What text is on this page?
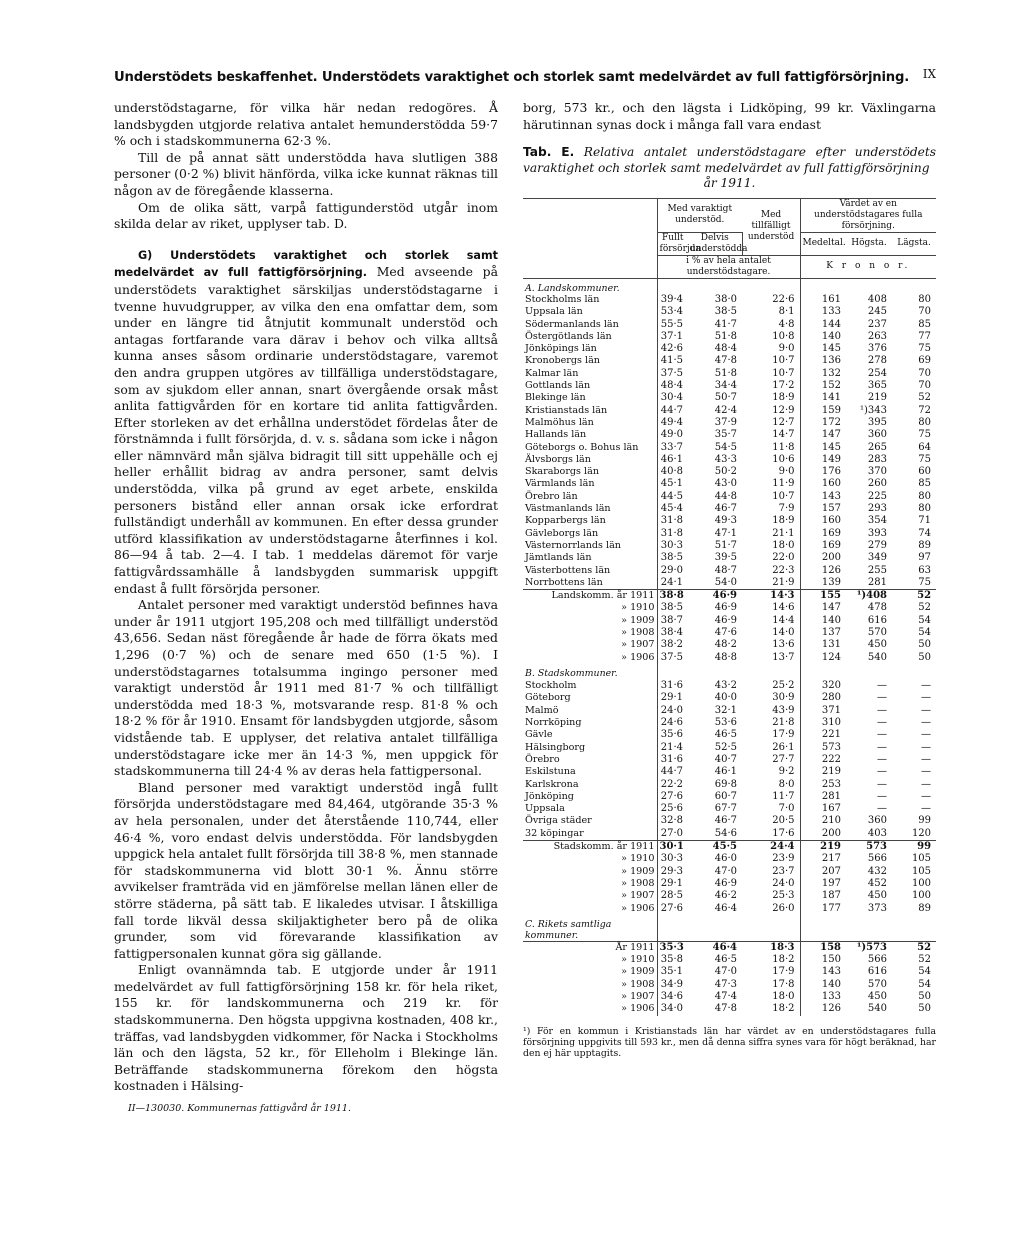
Understödets beskaffenhet. Understödets varaktighet och storlek samt medelvärdet av full fattigförsörjning. IX

understödstagarne, för vilka här nedan redogöres. Å landsbygden utgjorde relativa antalet hemunderstödda 59·7 % och i stadskommunerna 62·3 %.

Till de på annat sätt understödda hava slutligen 388 personer (0·2 %) blivit hänförda, vilka icke kunnat räknas till någon av de föregående klasserna.

Om de olika sätt, varpå fattigunderstöd utgår inom skilda delar av riket, upplyser tab. D.

G) Understödets varaktighet och storlek samt medelvärdet av full fattigförsörjning. Med avseende på understödets varaktighet särskiljas understödstagarne i tvenne huvudgrupper, av vilka den ena omfattar dem, som under en längre tid åtnjutit kommunalt understöd och antagas fortfarande vara därav i behov och vilka alltså kunna anses såsom ordinarie understödstagare, varemot den andra gruppen utgöres av tillfälliga understödstagare, som av sjukdom eller annan, snart övergående orsak måst anlita fattigvården för en kortare tid anlita fattigvården. Efter storleken av det erhållna understödet fördelas åter de förstnämnda i fullt försörjda, d. v. s. sådana som icke i någon eller nämnvärd mån själva bidragit till sitt uppehälle och ej heller erhållit bidrag av andra personer, samt delvis understödda, vilka på grund av eget arbete, enskilda personers bistånd eller annan orsak icke erfordrat fullständigt underhåll av kommunen. En efter dessa grunder utförd klassifikation av understödstagarne återfinnes i kol. 86—94 å tab. 2—4. I tab. 1 meddelas däremot för varje fattigvårdssamhälle å landsbygden summarisk uppgift endast å fullt försörjda personer.

Antalet personer med varaktigt understöd befinnes hava under år 1911 utgjort 195,208 och med tillfälligt understöd 43,656. Sedan näst föregående år hade de förra ökats med 1,296 (0·7 %) och de senare med 650 (1·5 %). I understödstagarnes totalsumma ingingo personer med varaktigt understöd år 1911 med 81·7 % och tillfälligt understödda med 18·3 %, motsvarande resp. 81·8 % och 18·2 % för år 1910. Ensamt för landsbygden utgjorde, såsom vidstående tab. E upplyser, det relativa antalet tillfälliga understödstagare icke mer än 14·3 %, men uppgick för stadskommunerna till 24·4 % av deras hela fattigpersonal.

Bland personer med varaktigt understöd ingå fullt försörjda understödstagare med 84,464, utgörande 35·3 % av hela personalen, under det återstående 110,744, eller 46·4 %, voro endast delvis understödda. För landsbygden uppgick hela antalet fullt försörjda till 38·8 %, men stannade för stadskommunerna vid blott 30·1 %. Ännu större avvikelser framträda vid en jämförelse mellan länen eller de större städerna, på sätt tab. E likaledes utvisar. I åtskilliga fall torde likväl dessa skiljaktigheter bero på de olika grunder, som vid förevarande klassifikation av fattigpersonalen kunnat göra sig gällande.

Enligt ovannämnda tab. E utgjorde under år 1911 medelvärdet av full fattigförsörjning 158 kr. för hela riket, 155 kr. för landskommunerna och 219 kr. för stadskommunerna. Den högsta uppgivna kostnaden, 408 kr., träffas, vad landsbygden vidkommer, för Nacka i Stockholms län och den lägsta, 52 kr., för Elleholm i Blekinge län. Beträffande stadskommunerna förekom den högsta kostnaden i Hälsing-

II—130030. Kommunernas fattigvård år 1911.

borg, 573 kr., och den lägsta i Lidköping, 99 kr. Växlingarna härutinnan synas dock i många fall vara endast

Tab. E. Relativa antalet understödstagare efter understödets varaktighet och storlek samt medelvärdet av full fattigförsörjning
år 1911.

	Med varaktigt understöd.		Med tillfälligt understöd	Värdet av en understödstagares fulla försörjning.		
	Fullt försörjda	Delvis understödda		Medeltal.	Högsta.	Lägsta.
	i % av hela antalet understödstagare.			K r o n o r.		
A. Landskommuner.						
Stockholms län	39·4	38·0	22·6	161	408	80
Uppsala län	53·4	38·5	8·1	133	245	70
Södermanlands län	55·5	41·7	4·8	144	237	85
Östergötlands län	37·1	51·8	10·8	140	263	77
Jönköpings län	42·6	48·4	9·0	145	376	75
Kronobergs län	41·5	47·8	10·7	136	278	69
Kalmar län	37·5	51·8	10·7	132	254	70
Gottlands län	48·4	34·4	17·2	152	365	70
Blekinge län	30·4	50·7	18·9	141	219	52
Kristianstads län	44·7	42·4	12·9	159	¹)343	72
Malmöhus län	49·4	37·9	12·7	172	395	80
Hallands län	49·0	35·7	14·7	147	360	75
Göteborgs o. Bohus län	33·7	54·5	11·8	145	265	64
Älvsborgs län	46·1	43·3	10·6	149	283	75
Skaraborgs län	40·8	50·2	9·0	176	370	60
Värmlands län	45·1	43·0	11·9	160	260	85
Örebro län	44·5	44·8	10·7	143	225	80
Västmanlands län	45·4	46·7	7·9	157	293	80
Kopparbergs län	31·8	49·3	18·9	160	354	71
Gävleborgs län	31·8	47·1	21·1	169	393	74
Västernorrlands län	30·3	51·7	18·0	169	279	89
Jämtlands län	38·5	39·5	22·0	200	349	97
Västerbottens län	29·0	48·7	22·3	126	255	63
Norrbottens län	24·1	54·0	21·9	139	281	75
Landskomm. år 1911	38·8	46·9	14·3	155	¹)408	52
» 1910	38·5	46·9	14·6	147	478	52
» 1909	38·7	46·9	14·4	140	616	54
» 1908	38·4	47·6	14·0	137	570	54
» 1907	38·2	48·2	13·6	131	450	50
» 1906	37·5	48·8	13·7	124	540	50
B. Stadskommuner.						
Stockholm	31·6	43·2	25·2	320	—	—
Göteborg	29·1	40·0	30·9	280	—	—
Malmö	24·0	32·1	43·9	371	—	—
Norrköping	24·6	53·6	21·8	310	—	—
Gävle	35·6	46·5	17·9	221	—	—
Hälsingborg	21·4	52·5	26·1	573	—	—
Örebro	31·6	40·7	27·7	222	—	—
Eskilstuna	44·7	46·1	9·2	219	—	—
Karlskrona	22·2	69·8	8·0	253	—	—
Jönköping	27·6	60·7	11·7	281	—	—
Uppsala	25·6	67·7	7·0	167	—	—
Övriga städer	32·8	46·7	20·5	210	360	99
32 köpingar	27·0	54·6	17·6	200	403	120
Stadskomm. år 1911	30·1	45·5	24·4	219	573	99
» 1910	30·3	46·0	23·9	217	566	105
» 1909	29·3	47·0	23·7	207	432	105
» 1908	29·1	46·9	24·0	197	452	100
» 1907	28·5	46·2	25·3	187	450	100
» 1906	27·6	46·4	26·0	177	373	89
C. Rikets samtliga kommuner.						
År 1911	35·3	46·4	18·3	158	¹)573	52
» 1910	35·8	46·5	18·2	150	566	52
» 1909	35·1	47·0	17·9	143	616	54
» 1908	34·9	47·3	17·8	140	570	54
» 1907	34·6	47·4	18·0	133	450	50
» 1906	34·0	47·8	18·2	126	540	50
¹) För en kommun i Kristianstads län har värdet av en understödstagares fulla försörjning uppgivits till 593 kr., men då denna siffra synes vara för högt beräknad, har den ej här upptagits.
